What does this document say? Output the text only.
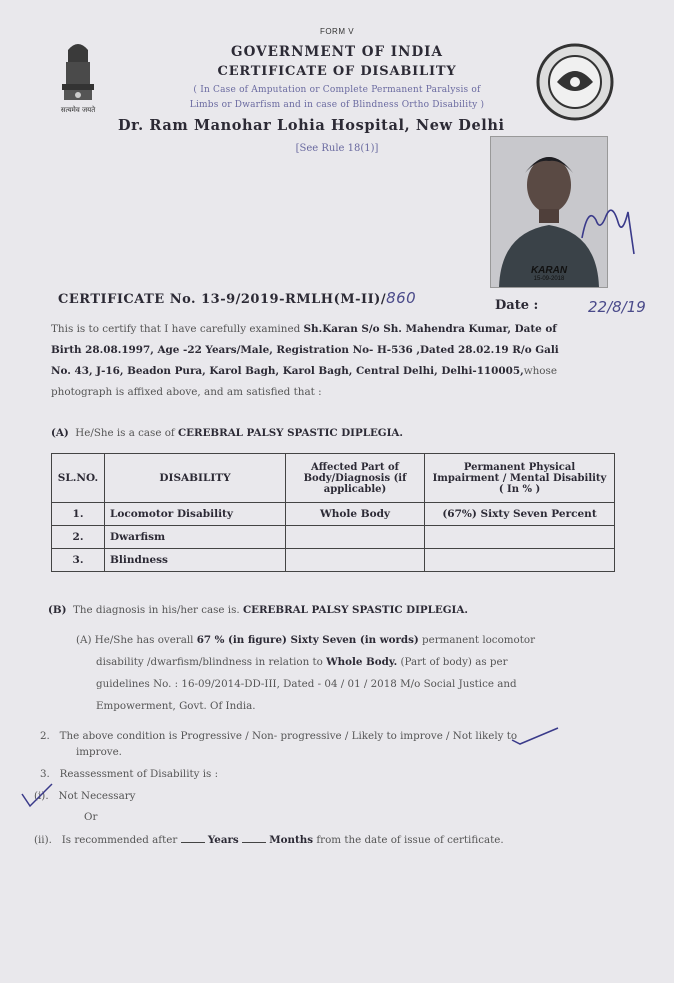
FORM V
सत्यमेव जयते
GOVERNMENT OF INDIA
CERTIFICATE OF DISABILITY
( In Case of Amputation or Complete Permanent Paralysis of
Limbs or Dwarfism and in case of Blindness Ortho Disability )
Dr. Ram Manohar Lohia Hospital, New Delhi
[See Rule 18(1)]
KARAN
15-09-2018
CERTIFICATE No. 13-9/2019-RMLH(M-II)/860	Date :	22/8/19
This is to certify that I have carefully examined Sh.Karan S/o Sh. Mahendra Kumar, Date of
Birth 28.08.1997, Age -22 Years/Male, Registration No- H-536 ,Dated 28.02.19 R/o Gali
No. 43, J-16, Beadon Pura, Karol Bagh, Karol Bagh, Central Delhi, Delhi-110005,whose
photograph is affixed above, and am satisfied that :
(A) He/She is a case of CEREBRAL PALSY SPASTIC DIPLEGIA.
SL.NO.	DISABILITY	Affected Part of Body/Diagnosis (if applicable)	Permanent Physical Impairment / Mental Disability ( In % )
1.	Locomotor Disability	Whole Body	(67%) Sixty Seven Percent
2.	Dwarfism		
3.	Blindness		
(B) The diagnosis in his/her case is. CEREBRAL PALSY SPASTIC DIPLEGIA.
(A) He/She has overall 67 % (in figure) Sixty Seven (in words) permanent locomotor
disability /dwarfism/blindness in relation to Whole Body. (Part of body) as per
guidelines No. : 16-09/2014-DD-III, Dated - 04 / 01 / 2018 M/o Social Justice and
Empowerment, Govt. Of India.
2. The above condition is Progressive / Non- progressive / Likely to improve / Not likely to
improve.
3. Reassessment of Disability is :
(i). Not Necessary
Or
(ii). Is recommended after	Years	Months from the date of issue of certificate.
